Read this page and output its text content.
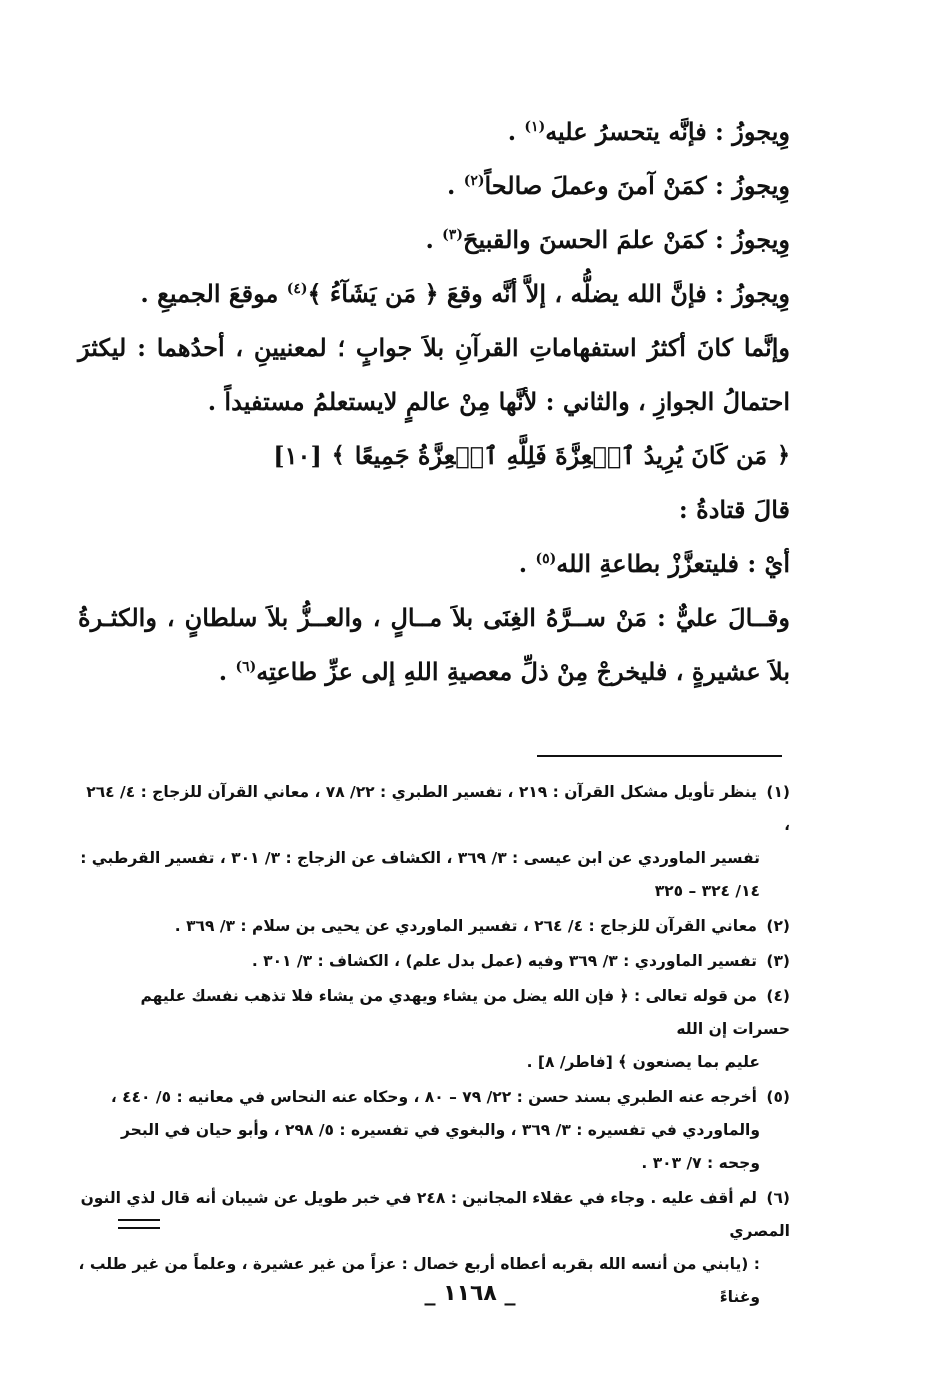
وِيجوزُ : فإنَّه يتحسرُ عليه$^{(١)}$ .

وِيجوزُ : كمَنْ آمنَ وعملَ صالحاً$^{(٢)}$ .

وِيجوزُ : كمَنْ علمَ الحسنَ والقبيحَ$^{(٣)}$ .

وِيجوزُ : فإنَّ الله يضلُّه ، إلاَّ أنَّه وقعَ ﴿ مَن يَشَآءُ ﴾$^{(٤)}$ موقعَ الجميعِ .

وإنَّما كانَ أكثرُ استفهاماتِ القرآنِ بلاَ جوابٍ ؛ لمعنيينِ ، أحدُهما : ليكثرَ احتمالُ الجوازِ ، والثاني : لأنَّها مِنْ عالمٍ لايستعلمُ مستفيداً .

﴿
مَن كَانَ يُرِيدُ ٱلۡعِزَّةَ فَلِلَّهِ ٱلۡعِزَّةُ جَمِيعًا
﴾
[١٠]

قالَ قتادةُ :

أيْ : فليتعزَّزْ بطاعةِ الله$^{(٥)}$ .

وقــالَ عليٌّ : مَنْ ســرَّهُ الغِنَى بلاَ مــالٍ ، والعــزُّ بلاَ سلطانٍ ، والكثـرةُ بلاَ عشيرةٍ ، فليخرجْ مِنْ ذلِّ معصيةِ اللهِ إلى عزِّ طاعتِه$^{(٦)}$ .

(١) ينظر تأويل مشكل القرآن : ٢١٩ ، تفسير الطبري : ٢٢/ ٧٨ ، معاني القرآن للزجاج : ٤/ ٢٦٤ ،
تفسير الماوردي عن ابن عيسى : ٣/ ٣٦٩ ، الكشاف عن الزجاج : ٣/ ٣٠١ ، تفسير القرطبي : ١٤/ ٣٢٤ – ٣٢٥

(٢) معاني القرآن للزجاج : ٤/ ٢٦٤ ، تفسير الماوردي عن يحيى بن سلام : ٣/ ٣٦٩ .

(٣) تفسير الماوردي : ٣/ ٣٦٩ وفيه (عمل بدل علم) ، الكشاف : ٣/ ٣٠١ .

(٤) من قوله تعالى : ﴿ فإن الله يضل من يشاء ويهدي من يشاء فلا تذهب نفسك عليهم حسرات إن الله
عليم بما يصنعون ﴾ [فاطر/ ٨] .

(٥) أخرجه عنه الطبري بسند حسن : ٢٢/ ٧٩ – ٨٠ ، وحكاه عنه النحاس في معانيه : ٥/ ٤٤٠ ،
والماوردي في تفسيره : ٣/ ٣٦٩ ، والبغوي في تفسيره : ٥/ ٢٩٨ ، وأبو حيان في البحر وجحه : ٧/ ٣٠٣ .

(٦) لم أقف عليه . وجاء في عقلاء المجانين : ٢٤٨ في خبر طويل عن شيبان أنه قال لذي النون المصري
: (يابني من أنسه الله بقربه أعطاه أربع خصال : عزاً من غير عشيرة ، وعلماً من غير طلب ، وغناءً

_ ١١٦٨ _
